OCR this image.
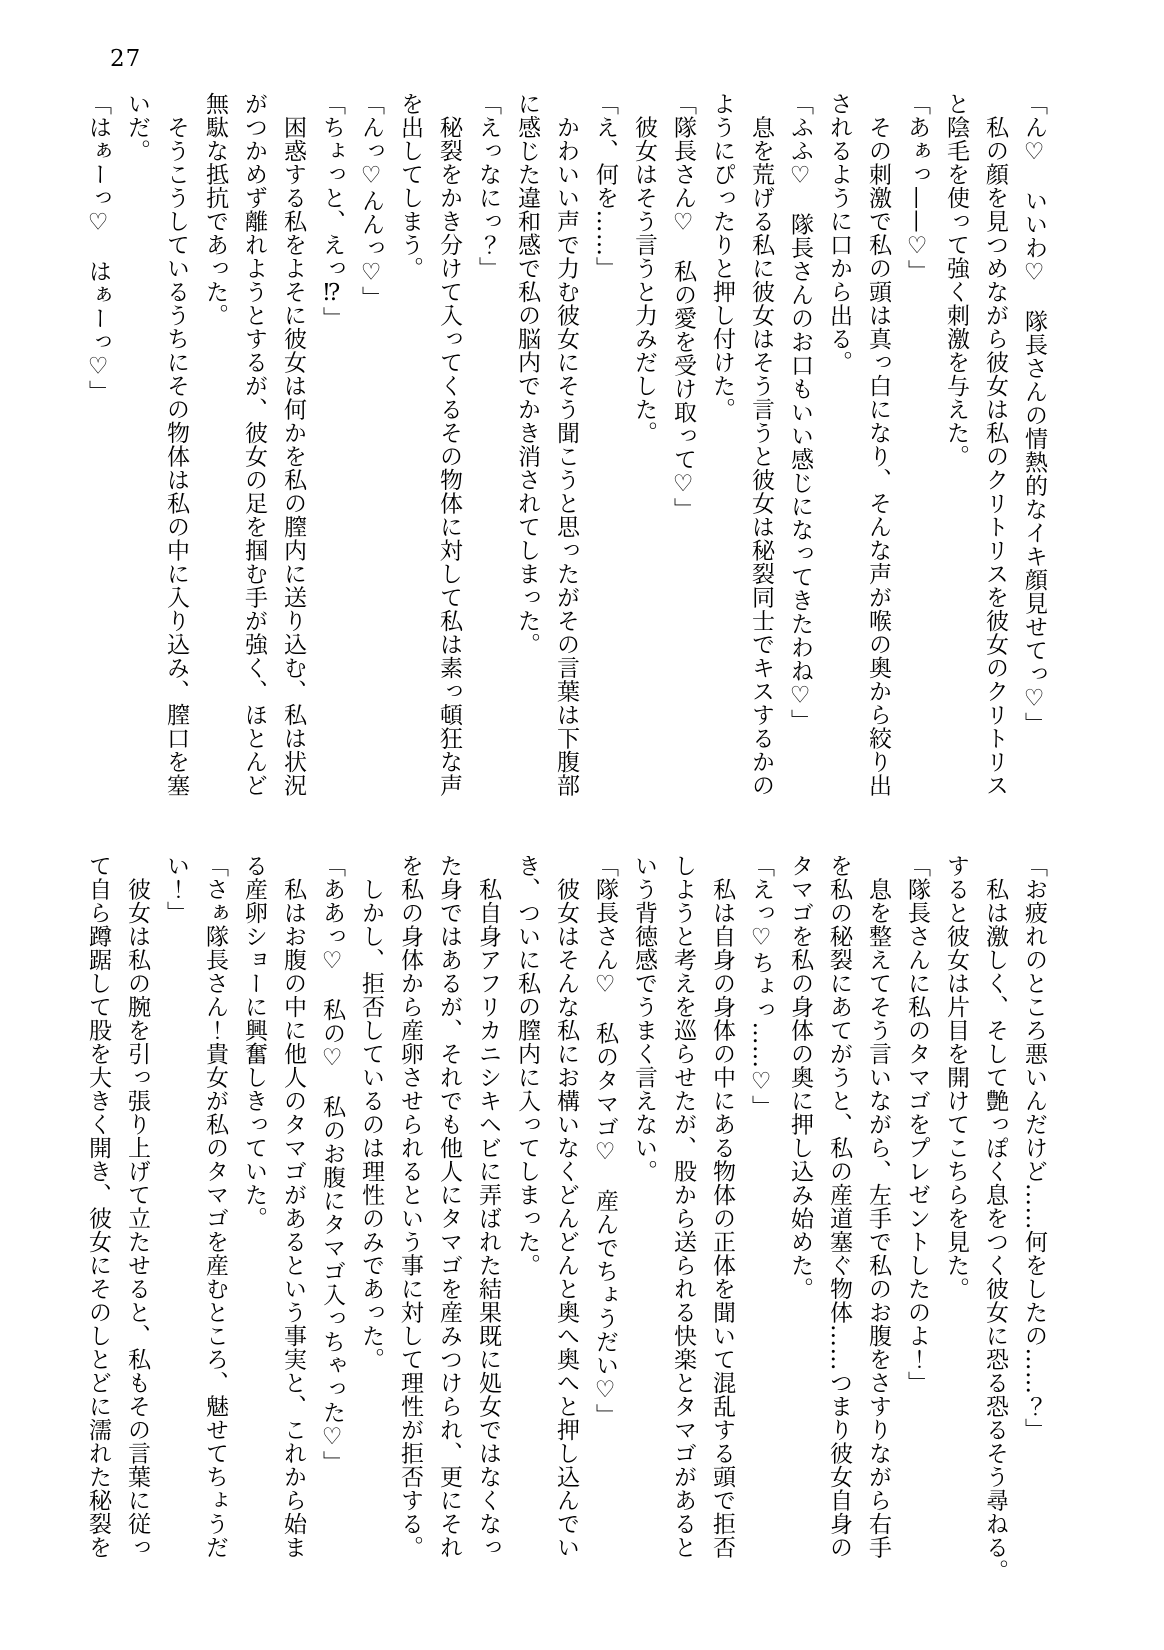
27
「ん♡　いいわ♡　隊長さんの情熱的なイキ顔見せてっ♡」
　私の顔を見つめながら彼女は私のクリトリスを彼女のクリトリス
と陰毛を使って強く刺激を与えた。
「あぁっ——♡」
　その刺激で私の頭は真っ白になり、そんな声が喉の奥から絞り出
されるように口から出る。
「ふふ♡　隊長さんのお口もいい感じになってきたわね♡」
　息を荒げる私に彼女はそう言うと彼女は秘裂同士でキスするかの
ようにぴったりと押し付けた。
「隊長さん♡　私の愛を受け取って♡」
　彼女はそう言うと力みだした。
「え、何を……」
　かわいい声で力む彼女にそう聞こうと思ったがその言葉は下腹部
に感じた違和感で私の脳内でかき消されてしまった。
「えっなにっ？」
　秘裂をかき分けて入ってくるその物体に対して私は素っ頓狂な声
を出してしまう。
「んっ♡んんっ♡」
「ちょっと、えっ⁉」
　困惑する私をよそに彼女は何かを私の膣内に送り込む、私は状況
がつかめず離れようとするが、彼女の足を掴む手が強く、ほとんど
無駄な抵抗であった。
　そうこうしているうちにその物体は私の中に入り込み、膣口を塞
いだ。
「はぁーっ♡　はぁーっ♡」
「お疲れのところ悪いんだけど……何をしたの……？」
　私は激しく、そして艶っぽく息をつく彼女に恐る恐るそう尋ねる。
すると彼女は片目を開けてこちらを見た。
「隊長さんに私のタマゴをプレゼントしたのよ！」
　息を整えてそう言いながら、左手で私のお腹をさすりながら右手
を私の秘裂にあてがうと、私の産道塞ぐ物体……つまり彼女自身の
タマゴを私の身体の奥に押し込み始めた。
「えっ♡ちょっ……♡」
　私は自身の身体の中にある物体の正体を聞いて混乱する頭で拒否
しようと考えを巡らせたが、股から送られる快楽とタマゴがあると
いう背徳感でうまく言えない。
「隊長さん♡　私のタマゴ♡　産んでちょうだい♡」
　彼女はそんな私にお構いなくどんどんと奥へ奥へと押し込んでい
き、ついに私の膣内に入ってしまった。
　私自身アフリカニシキヘビに弄ばれた結果既に処女ではなくなっ
た身ではあるが、それでも他人にタマゴを産みつけられ、更にそれ
を私の身体から産卵させられるという事に対して理性が拒否する。
　しかし、拒否しているのは理性のみであった。
「ああっ♡　私の♡　私のお腹にタマゴ入っちゃった♡」
　私はお腹の中に他人のタマゴがあるという事実と、これから始ま
る産卵ショーに興奮しきっていた。
「さぁ隊長さん！貴女が私のタマゴを産むところ、魅せてちょうだ
い！」
　彼女は私の腕を引っ張り上げて立たせると、私もその言葉に従っ
て自ら蹲踞して股を大きく開き、彼女にそのしとどに濡れた秘裂を
